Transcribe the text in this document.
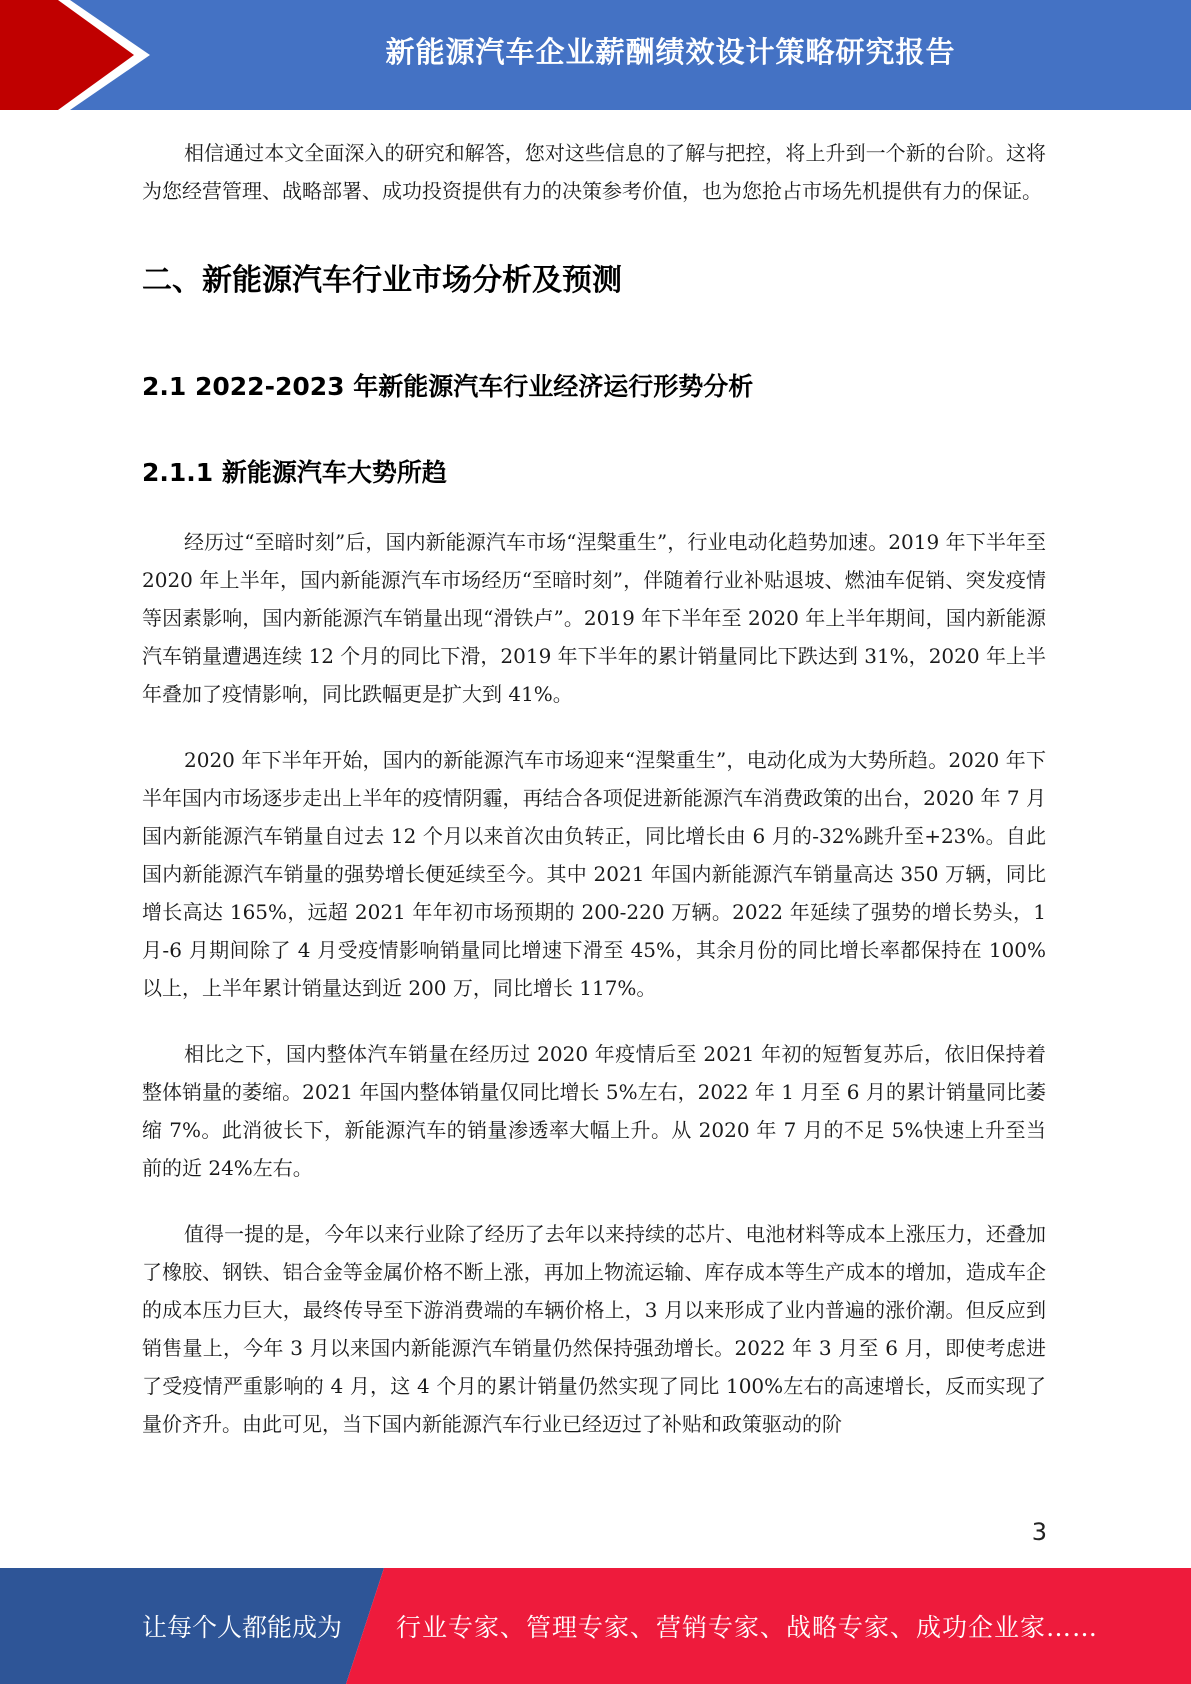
新能源汽车企业薪酬绩效设计策略研究报告

相信通过本文全面深入的研究和解答，您对这些信息的了解与把控，将上升到一个新的台阶。这将为您经营管理、战略部署、成功投资提供有力的决策参考价值，也为您抢占市场先机提供有力的保证。

二、新能源汽车行业市场分析及预测
2.1 2022-2023 年新能源汽车行业经济运行形势分析
2.1.1 新能源汽车大势所趋

经历过“至暗时刻”后，国内新能源汽车市场“涅槃重生”，行业电动化趋势加速。2019 年下半年至 2020 年上半年，国内新能源汽车市场经历“至暗时刻”，伴随着行业补贴退坡、燃油车促销、突发疫情等因素影响，国内新能源汽车销量出现“滑铁卢”。2019 年下半年至 2020 年上半年期间，国内新能源汽车销量遭遇连续 12 个月的同比下滑，2019 年下半年的累计销量同比下跌达到 31%，2020 年上半年叠加了疫情影响，同比跌幅更是扩大到 41%。

2020 年下半年开始，国内的新能源汽车市场迎来“涅槃重生”，电动化成为大势所趋。2020 年下半年国内市场逐步走出上半年的疫情阴霾，再结合各项促进新能源汽车消费政策的出台，2020 年 7 月国内新能源汽车销量自过去 12 个月以来首次由负转正，同比增长由 6 月的-32%跳升至+23%。自此国内新能源汽车销量的强势增长便延续至今。其中 2021 年国内新能源汽车销量高达 350 万辆，同比增长高达 165%，远超 2021 年年初市场预期的 200-220 万辆。2022 年延续了强势的增长势头，1 月-6 月期间除了 4 月受疫情影响销量同比增速下滑至 45%，其余月份的同比增长率都保持在 100%以上，上半年累计销量达到近 200 万，同比增长 117%。

相比之下，国内整体汽车销量在经历过 2020 年疫情后至 2021 年初的短暂复苏后，依旧保持着整体销量的萎缩。2021 年国内整体销量仅同比增长 5%左右，2022 年 1 月至 6 月的累计销量同比萎缩 7%。此消彼长下，新能源汽车的销量渗透率大幅上升。从 2020 年 7 月的不足 5%快速上升至当前的近 24%左右。

值得一提的是，今年以来行业除了经历了去年以来持续的芯片、电池材料等成本上涨压力，还叠加了橡胶、钢铁、铝合金等金属价格不断上涨，再加上物流运输、库存成本等生产成本的增加，造成车企的成本压力巨大，最终传导至下游消费端的车辆价格上，3 月以来形成了业内普遍的涨价潮。但反应到销售量上，今年 3 月以来国内新能源汽车销量仍然保持强劲增长。2022 年 3 月至 6 月，即使考虑进了受疫情严重影响的 4 月，这 4 个月的累计销量仍然实现了同比 100%左右的高速增长，反而实现了量价齐升。由此可见，当下国内新能源汽车行业已经迈过了补贴和政策驱动的阶

3
让每个人都能成为 行业专家、管理专家、营销专家、战略专家、成功企业家……
